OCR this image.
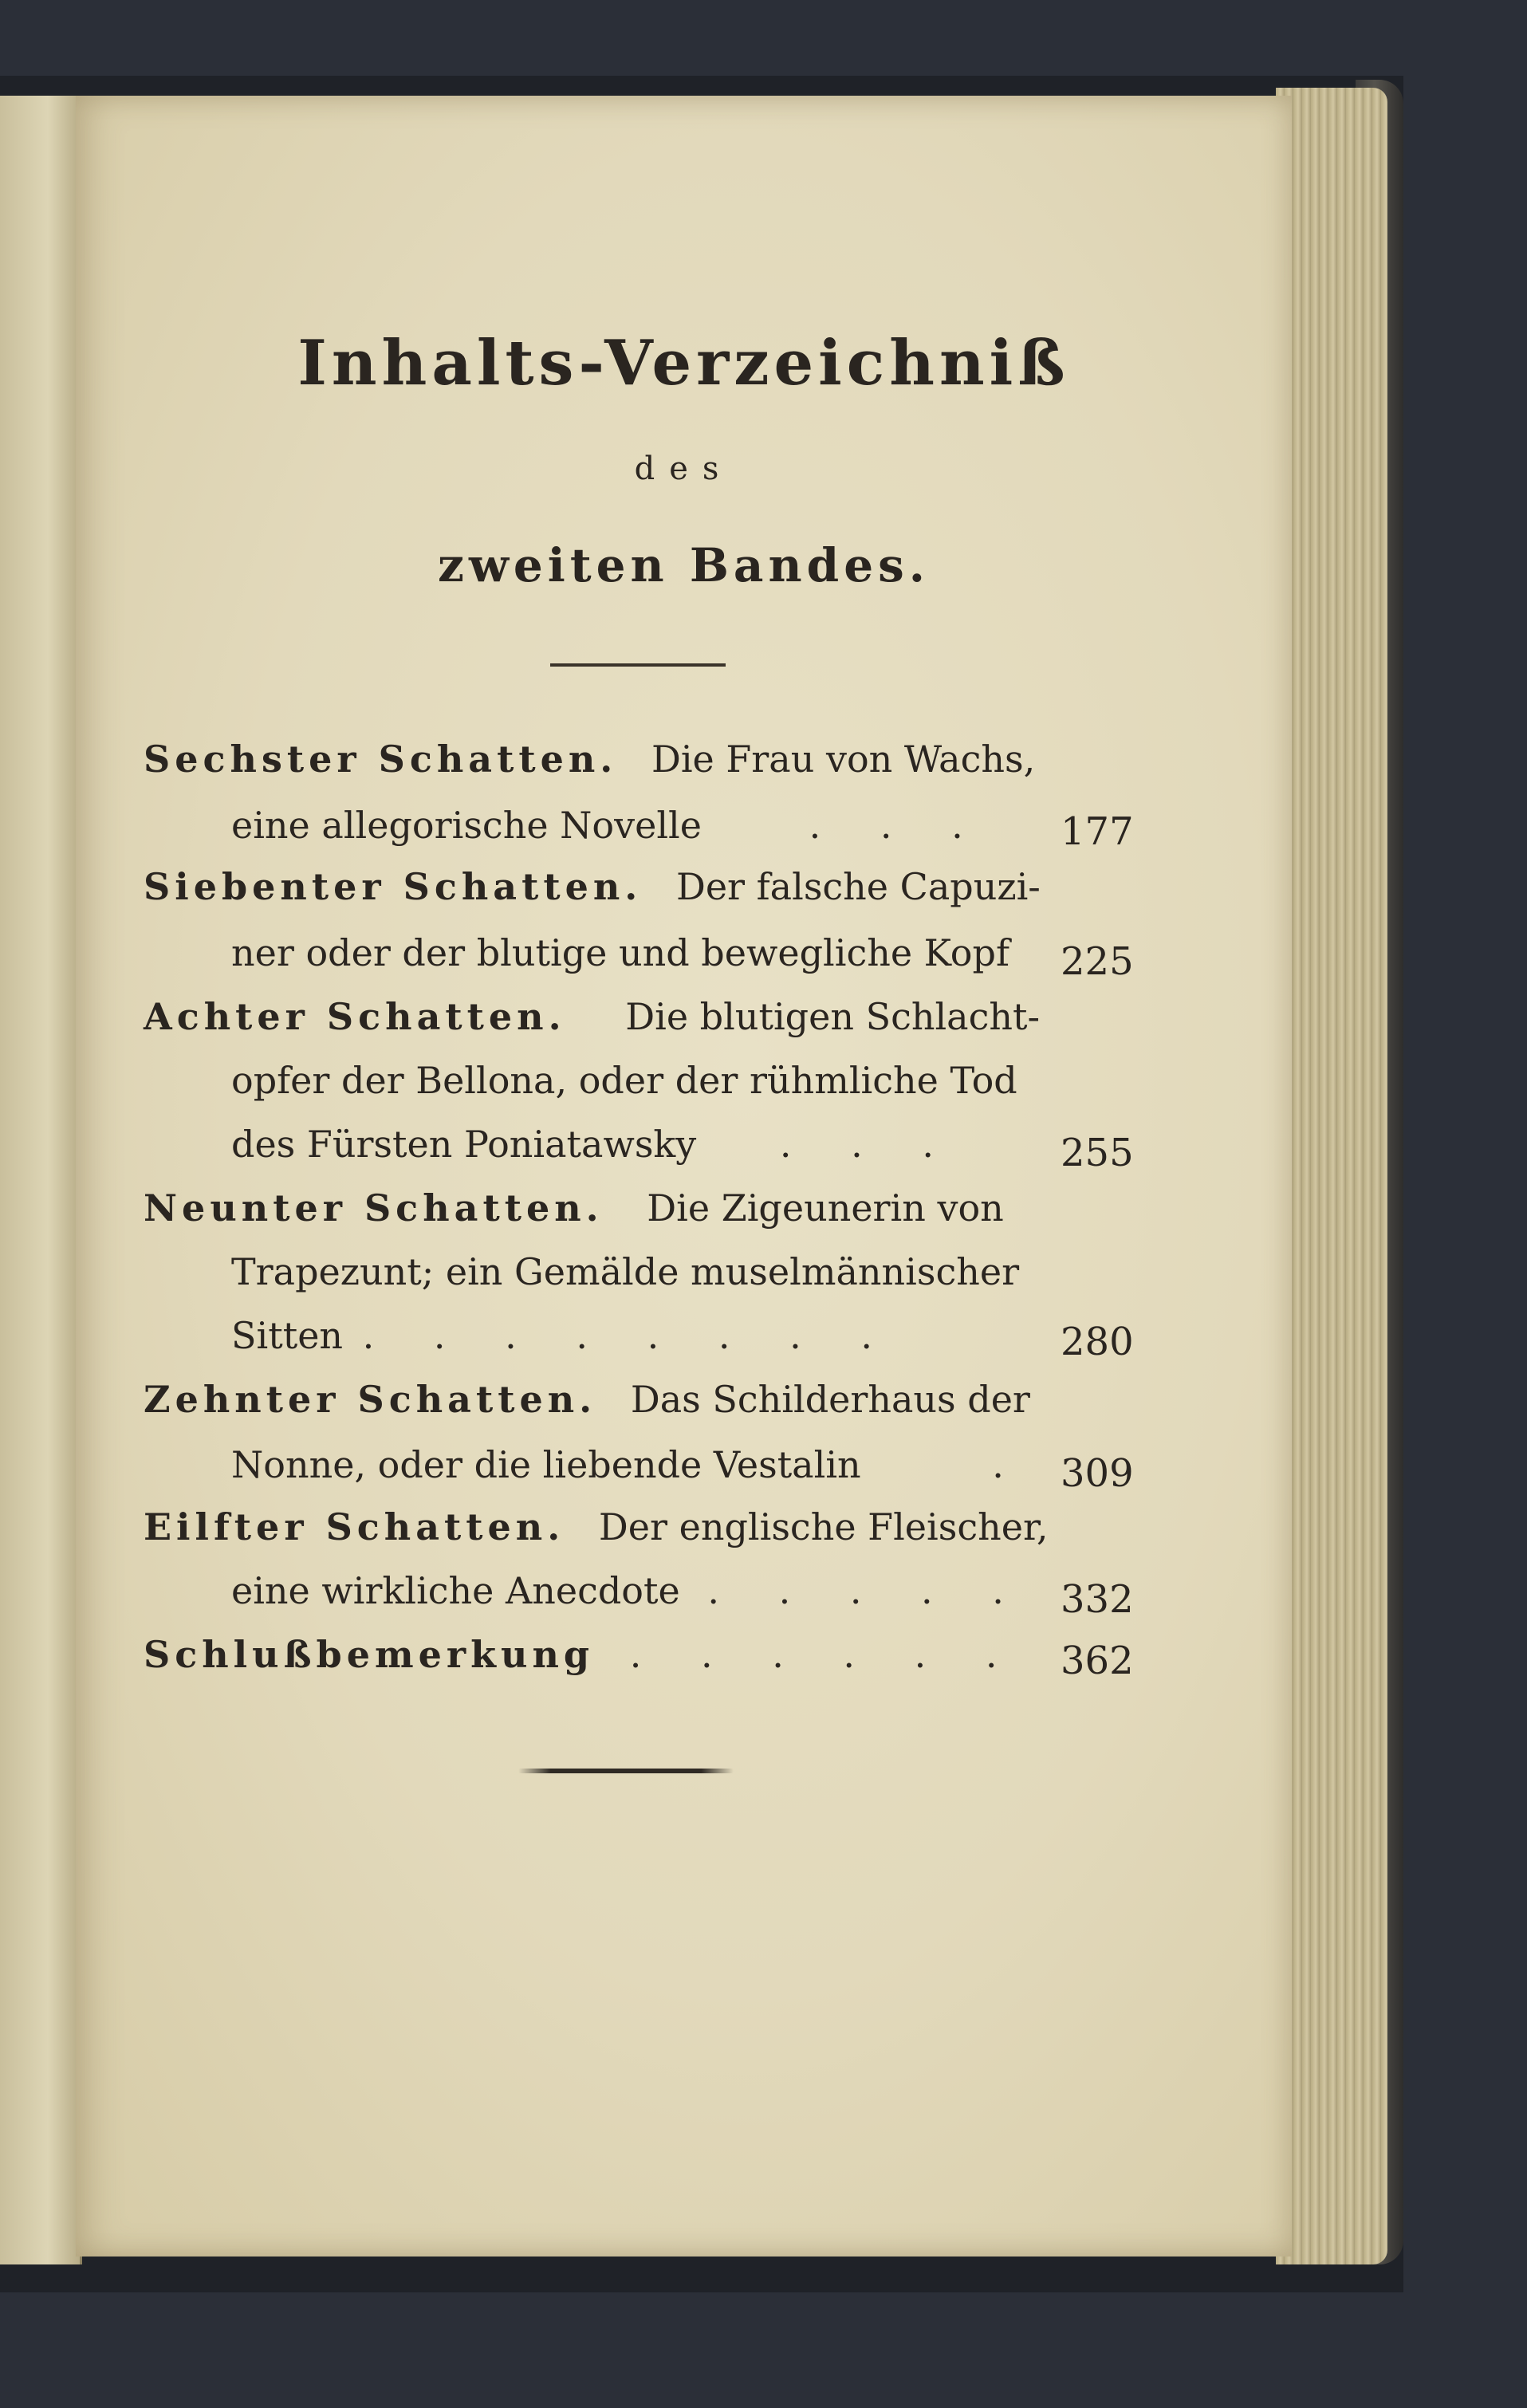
Inhalts-Verzeichniß
des
zweiten Bandes.
Sechster Schatten. Die Frau von Wachs,
eine allegorische Novelle	. . . 177
Siebenter Schatten. Der falsche Capuzi-
ner oder der blutige und bewegliche Kopf 225
Achter Schatten. Die blutigen Schlacht-
opfer der Bellona, oder der rühmliche Tod
des Fürsten Poniatawsky . . .	255
Neunter Schatten. Die Zigeunerin von
Trapezunt; ein Gemälde muselmännischer
Sitten . . . . . . . .	280
Zehnter Schatten. Das Schilderhaus der
Nonne, oder die liebende Vestalin	. 309
Eilfter Schatten. Der englische Fleischer,
eine wirkliche Anecdote . . . . . 332
Schlußbemerkung . . . . . . 362
